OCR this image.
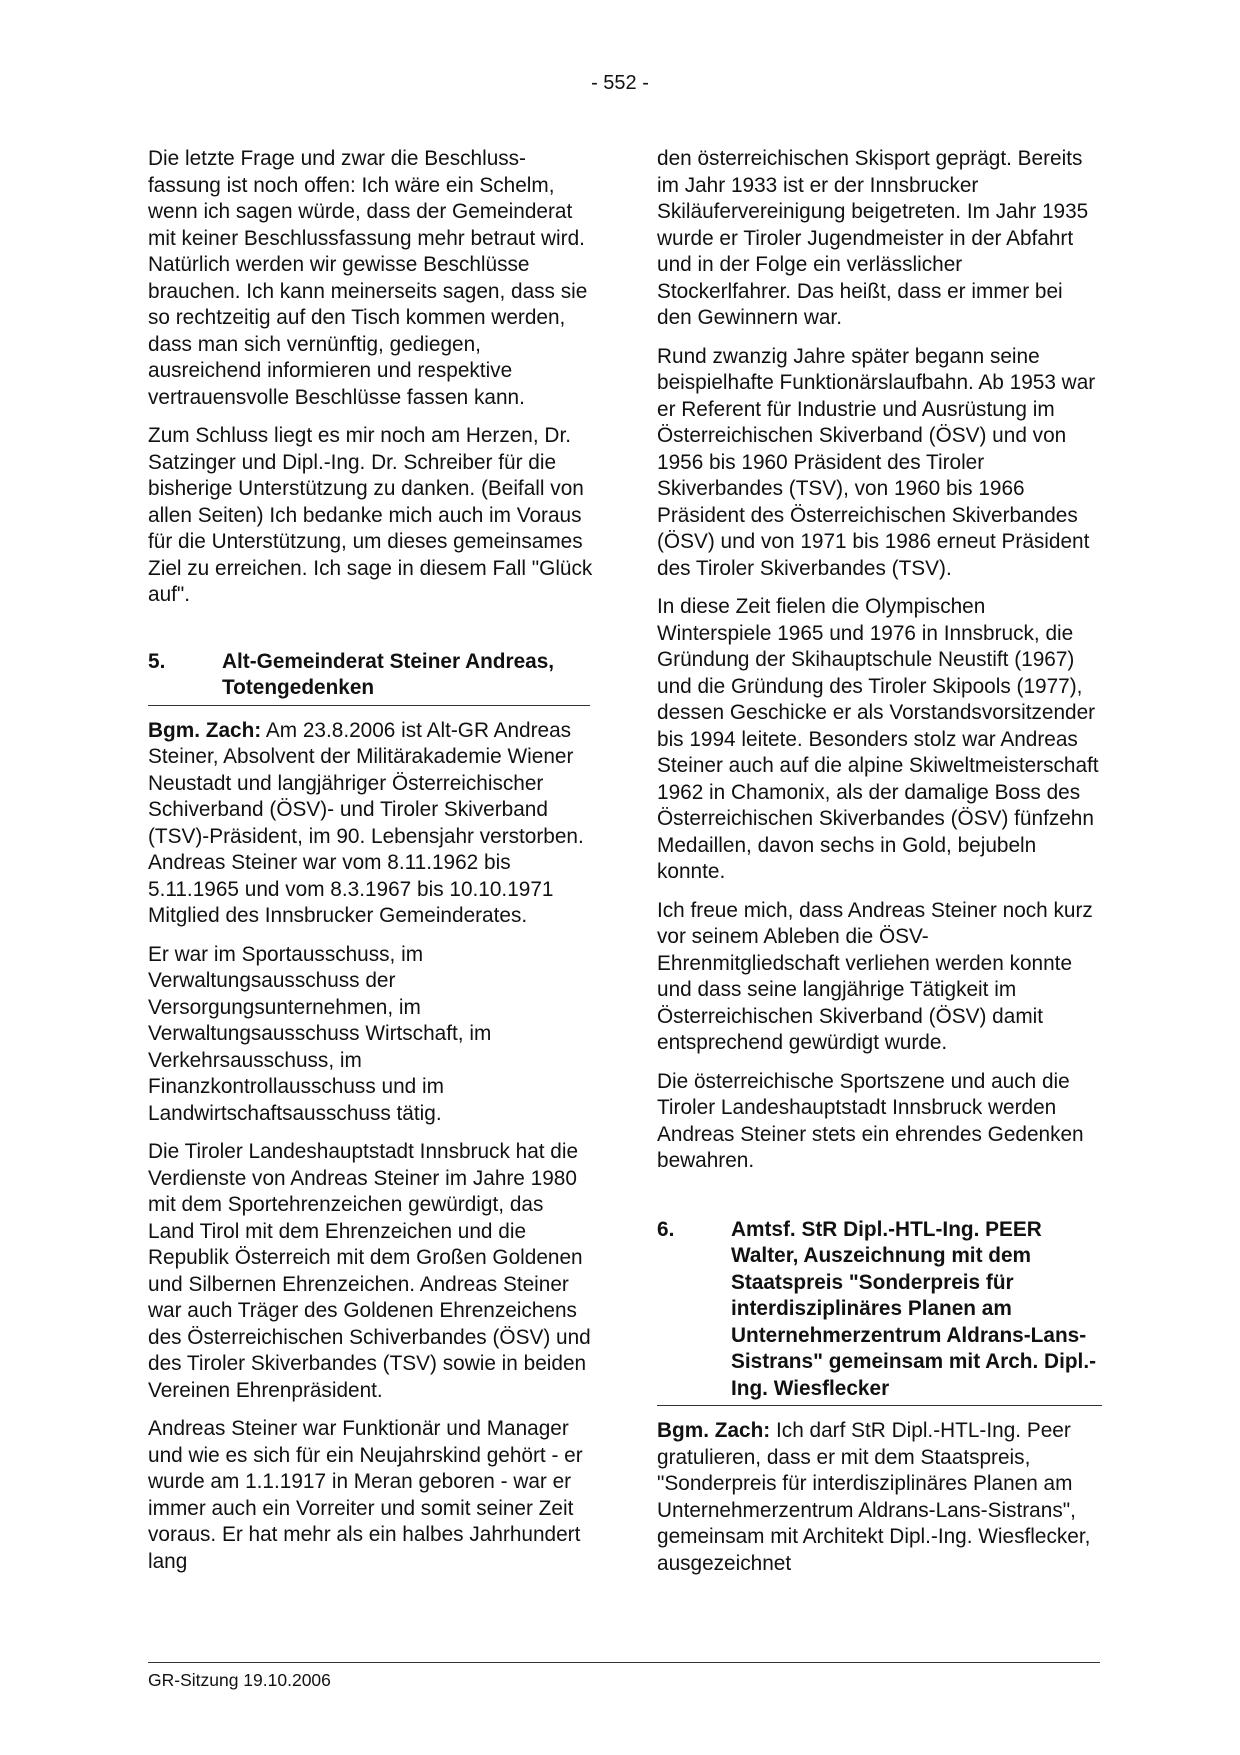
- 552 -

Die letzte Frage und zwar die Beschluss-fassung ist noch offen: Ich wäre ein Schelm, wenn ich sagen würde, dass der Gemeinderat mit keiner Beschlussfassung mehr betraut wird. Natürlich werden wir gewisse Beschlüsse brauchen. Ich kann meinerseits sagen, dass sie so rechtzeitig auf den Tisch kommen werden, dass man sich vernünftig, gediegen, ausreichend informieren und respektive vertrauensvolle Beschlüsse fassen kann.

Zum Schluss liegt es mir noch am Herzen, Dr. Satzinger und Dipl.-Ing. Dr. Schreiber für die bisherige Unterstützung zu danken. (Beifall von allen Seiten) Ich bedanke mich auch im Voraus für die Unterstützung, um dieses gemeinsames Ziel zu erreichen. Ich sage in diesem Fall "Glück auf".

5.	Alt-Gemeinderat Steiner Andreas, Totengedenken

Bgm. Zach: Am 23.8.2006 ist Alt-GR Andreas Steiner, Absolvent der Militärakademie Wiener Neustadt und langjähriger Österreichischer Schiverband (ÖSV)- und Tiroler Skiverband (TSV)-Präsident, im 90. Lebensjahr verstorben. Andreas Steiner war vom 8.11.1962 bis 5.11.1965 und vom 8.3.1967 bis 10.10.1971 Mitglied des Innsbrucker Gemeinderates.

Er war im Sportausschuss, im Verwaltungsausschuss der Versorgungsunternehmen, im Verwaltungsausschuss Wirtschaft, im Verkehrsausschuss, im Finanzkontrollausschuss und im Landwirtschaftsausschuss tätig.

Die Tiroler Landeshauptstadt Innsbruck hat die Verdienste von Andreas Steiner im Jahre 1980 mit dem Sportehrenzeichen gewürdigt, das Land Tirol mit dem Ehrenzeichen und die Republik Österreich mit dem Großen Goldenen und Silbernen Ehrenzeichen. Andreas Steiner war auch Träger des Goldenen Ehrenzeichens des Österreichischen Schiverbandes (ÖSV) und des Tiroler Skiverbandes (TSV) sowie in beiden Vereinen Ehrenpräsident.

Andreas Steiner war Funktionär und Manager und wie es sich für ein Neujahrskind gehört - er wurde am 1.1.1917 in Meran geboren - war er immer auch ein Vorreiter und somit seiner Zeit voraus. Er hat mehr als ein halbes Jahrhundert lang

den österreichischen Skisport geprägt. Bereits im Jahr 1933 ist er der Innsbrucker Skiläufervereinigung beigetreten. Im Jahr 1935 wurde er Tiroler Jugendmeister in der Abfahrt und in der Folge ein verlässlicher Stockerlfahrer. Das heißt, dass er immer bei den Gewinnern war.

Rund zwanzig Jahre später begann seine beispielhafte Funktionärslaufbahn. Ab 1953 war er Referent für Industrie und Ausrüstung im Österreichischen Skiverband (ÖSV) und von 1956 bis 1960 Präsident des Tiroler Skiverbandes (TSV), von 1960 bis 1966 Präsident des Österreichischen Skiverbandes (ÖSV) und von 1971 bis 1986 erneut Präsident des Tiroler Skiverbandes (TSV).

In diese Zeit fielen die Olympischen Winterspiele 1965 und 1976 in Innsbruck, die Gründung der Skihauptschule Neustift (1967) und die Gründung des Tiroler Skipools (1977), dessen Geschicke er als Vorstandsvorsitzender bis 1994 leitete. Besonders stolz war Andreas Steiner auch auf die alpine Skiweltmeisterschaft 1962 in Chamonix, als der damalige Boss des Österreichischen Skiverbandes (ÖSV) fünfzehn Medaillen, davon sechs in Gold, bejubeln konnte.

Ich freue mich, dass Andreas Steiner noch kurz vor seinem Ableben die ÖSV-Ehrenmitgliedschaft verliehen werden konnte und dass seine langjährige Tätigkeit im Österreichischen Skiverband (ÖSV) damit entsprechend gewürdigt wurde.

Die österreichische Sportszene und auch die Tiroler Landeshauptstadt Innsbruck werden Andreas Steiner stets ein ehrendes Gedenken bewahren.

6.	Amtsf. StR Dipl.-HTL-Ing. PEER Walter, Auszeichnung mit dem Staatspreis "Sonderpreis für interdisziplinäres Planen am Unternehmerzentrum Aldrans-Lans-Sistrans" gemeinsam mit Arch. Dipl.-Ing. Wiesflecker

Bgm. Zach: Ich darf StR Dipl.-HTL-Ing. Peer gratulieren, dass er mit dem Staatspreis, "Sonderpreis für interdisziplinäres Planen am Unternehmerzentrum Aldrans-Lans-Sistrans", gemeinsam mit Architekt Dipl.-Ing. Wiesflecker, ausgezeichnet

GR-Sitzung 19.10.2006
